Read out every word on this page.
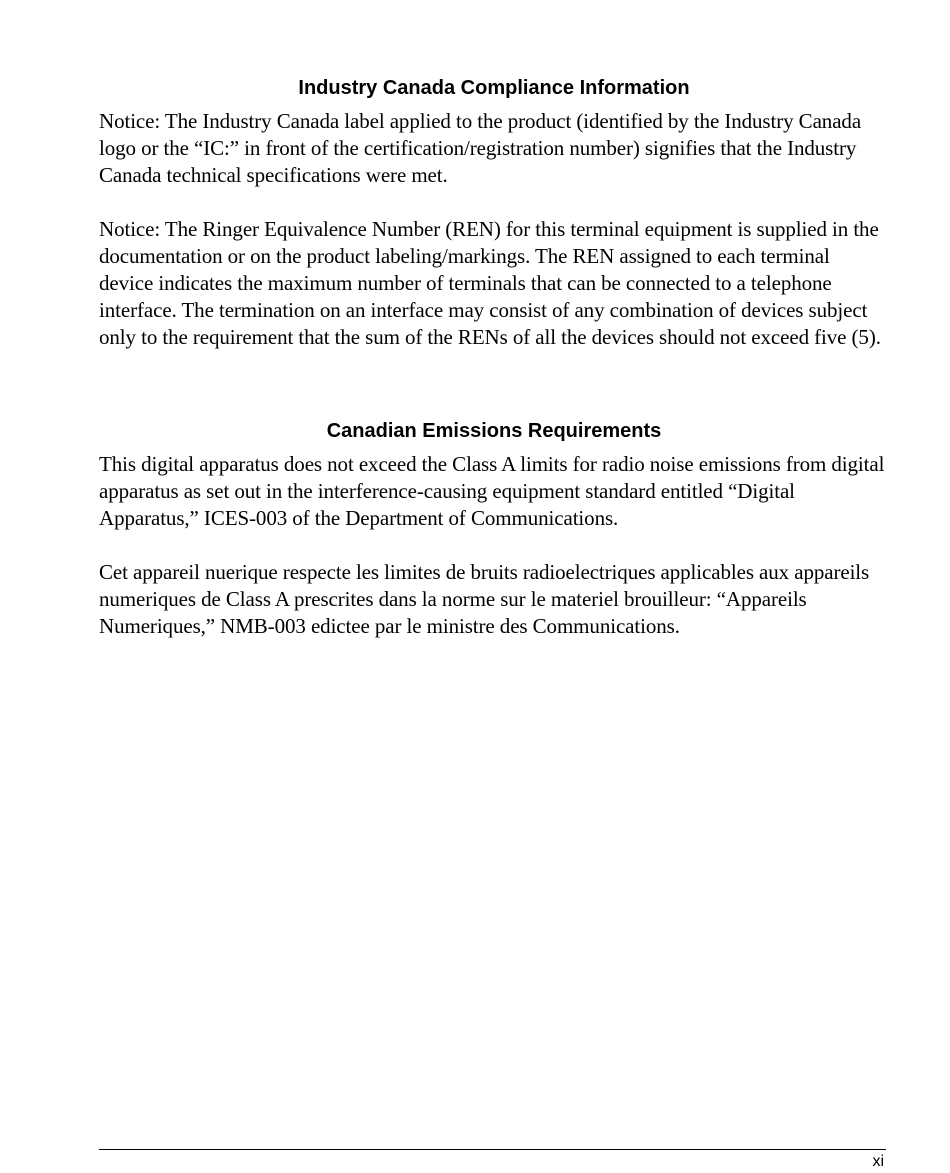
Industry Canada Compliance Information

Notice: The Industry Canada label applied to the product (identified by the Industry Canada logo or the “IC:” in front of the certification/registration number) signifies that the Industry Canada technical specifications were met.

Notice: The Ringer Equivalence Number (REN) for this terminal equipment is supplied in the documentation or on the product labeling/markings. The REN assigned to each terminal device indicates the maximum number of terminals that can be connected to a telephone interface. The termination on an interface may consist of any combination of devices subject only to the requirement that the sum of the RENs of all the devices should not exceed five (5).

Canadian Emissions Requirements

This digital apparatus does not exceed the Class A limits for radio noise emissions from digital apparatus as set out in the interference-causing equipment standard entitled “Digital Apparatus,” ICES-003 of the Department of Communications.

Cet appareil nuerique respecte les limites de bruits radioelectriques applicables aux appareils numeriques de Class A prescrites dans la norme sur le materiel brouilleur: “Appareils Numeriques,” NMB-003 edictee par le ministre des Communications.

xi
